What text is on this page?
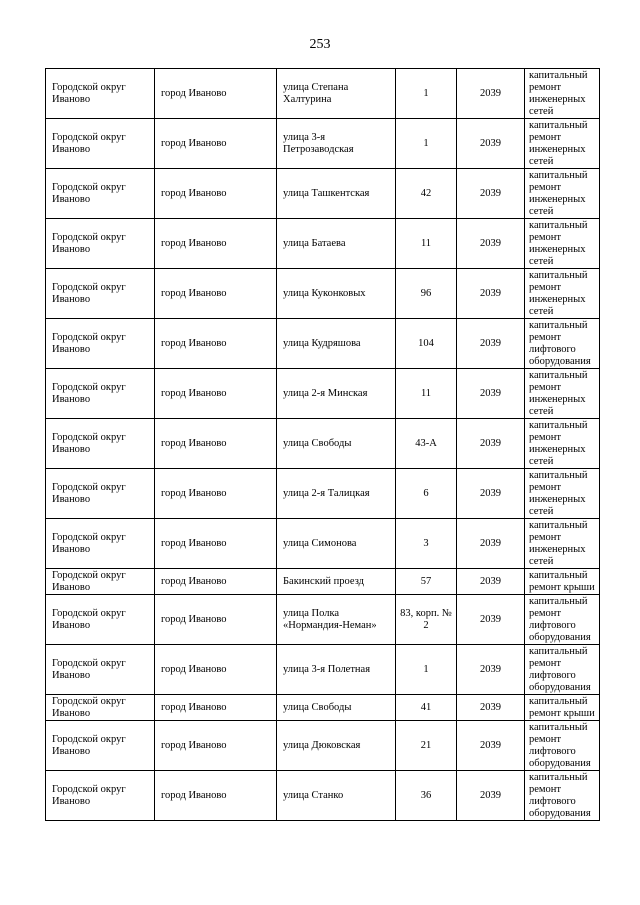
253
Городской округ Иваново	город Иваново	улица Степана Халтурина	1	2039	капитальный ремонт инженерных сетей
Городской округ Иваново	город Иваново	улица 3-я Петрозаводская	1	2039	капитальный ремонт инженерных сетей
Городской округ Иваново	город Иваново	улица Ташкентская	42	2039	капитальный ремонт инженерных сетей
Городской округ Иваново	город Иваново	улица Батаева	11	2039	капитальный ремонт инженерных сетей
Городской округ Иваново	город Иваново	улица Куконковых	96	2039	капитальный ремонт инженерных сетей
Городской округ Иваново	город Иваново	улица Кудряшова	104	2039	капитальный ремонт лифтового оборудования
Городской округ Иваново	город Иваново	улица 2-я Минская	11	2039	капитальный ремонт инженерных сетей
Городской округ Иваново	город Иваново	улица Свободы	43-А	2039	капитальный ремонт инженерных сетей
Городской округ Иваново	город Иваново	улица 2-я Талицкая	6	2039	капитальный ремонт инженерных сетей
Городской округ Иваново	город Иваново	улица Симонова	3	2039	капитальный ремонт инженерных сетей
Городской округ Иваново	город Иваново	Бакинский проезд	57	2039	капитальный ремонт крыши
Городской округ Иваново	город Иваново	улица Полка «Нормандия-Неман»	83, корп. № 2	2039	капитальный ремонт лифтового оборудования
Городской округ Иваново	город Иваново	улица 3-я Полетная	1	2039	капитальный ремонт лифтового оборудования
Городской округ Иваново	город Иваново	улица Свободы	41	2039	капитальный ремонт крыши
Городской округ Иваново	город Иваново	улица Дюковская	21	2039	капитальный ремонт лифтового оборудования
Городской округ Иваново	город Иваново	улица Станко	36	2039	капитальный ремонт лифтового оборудования
